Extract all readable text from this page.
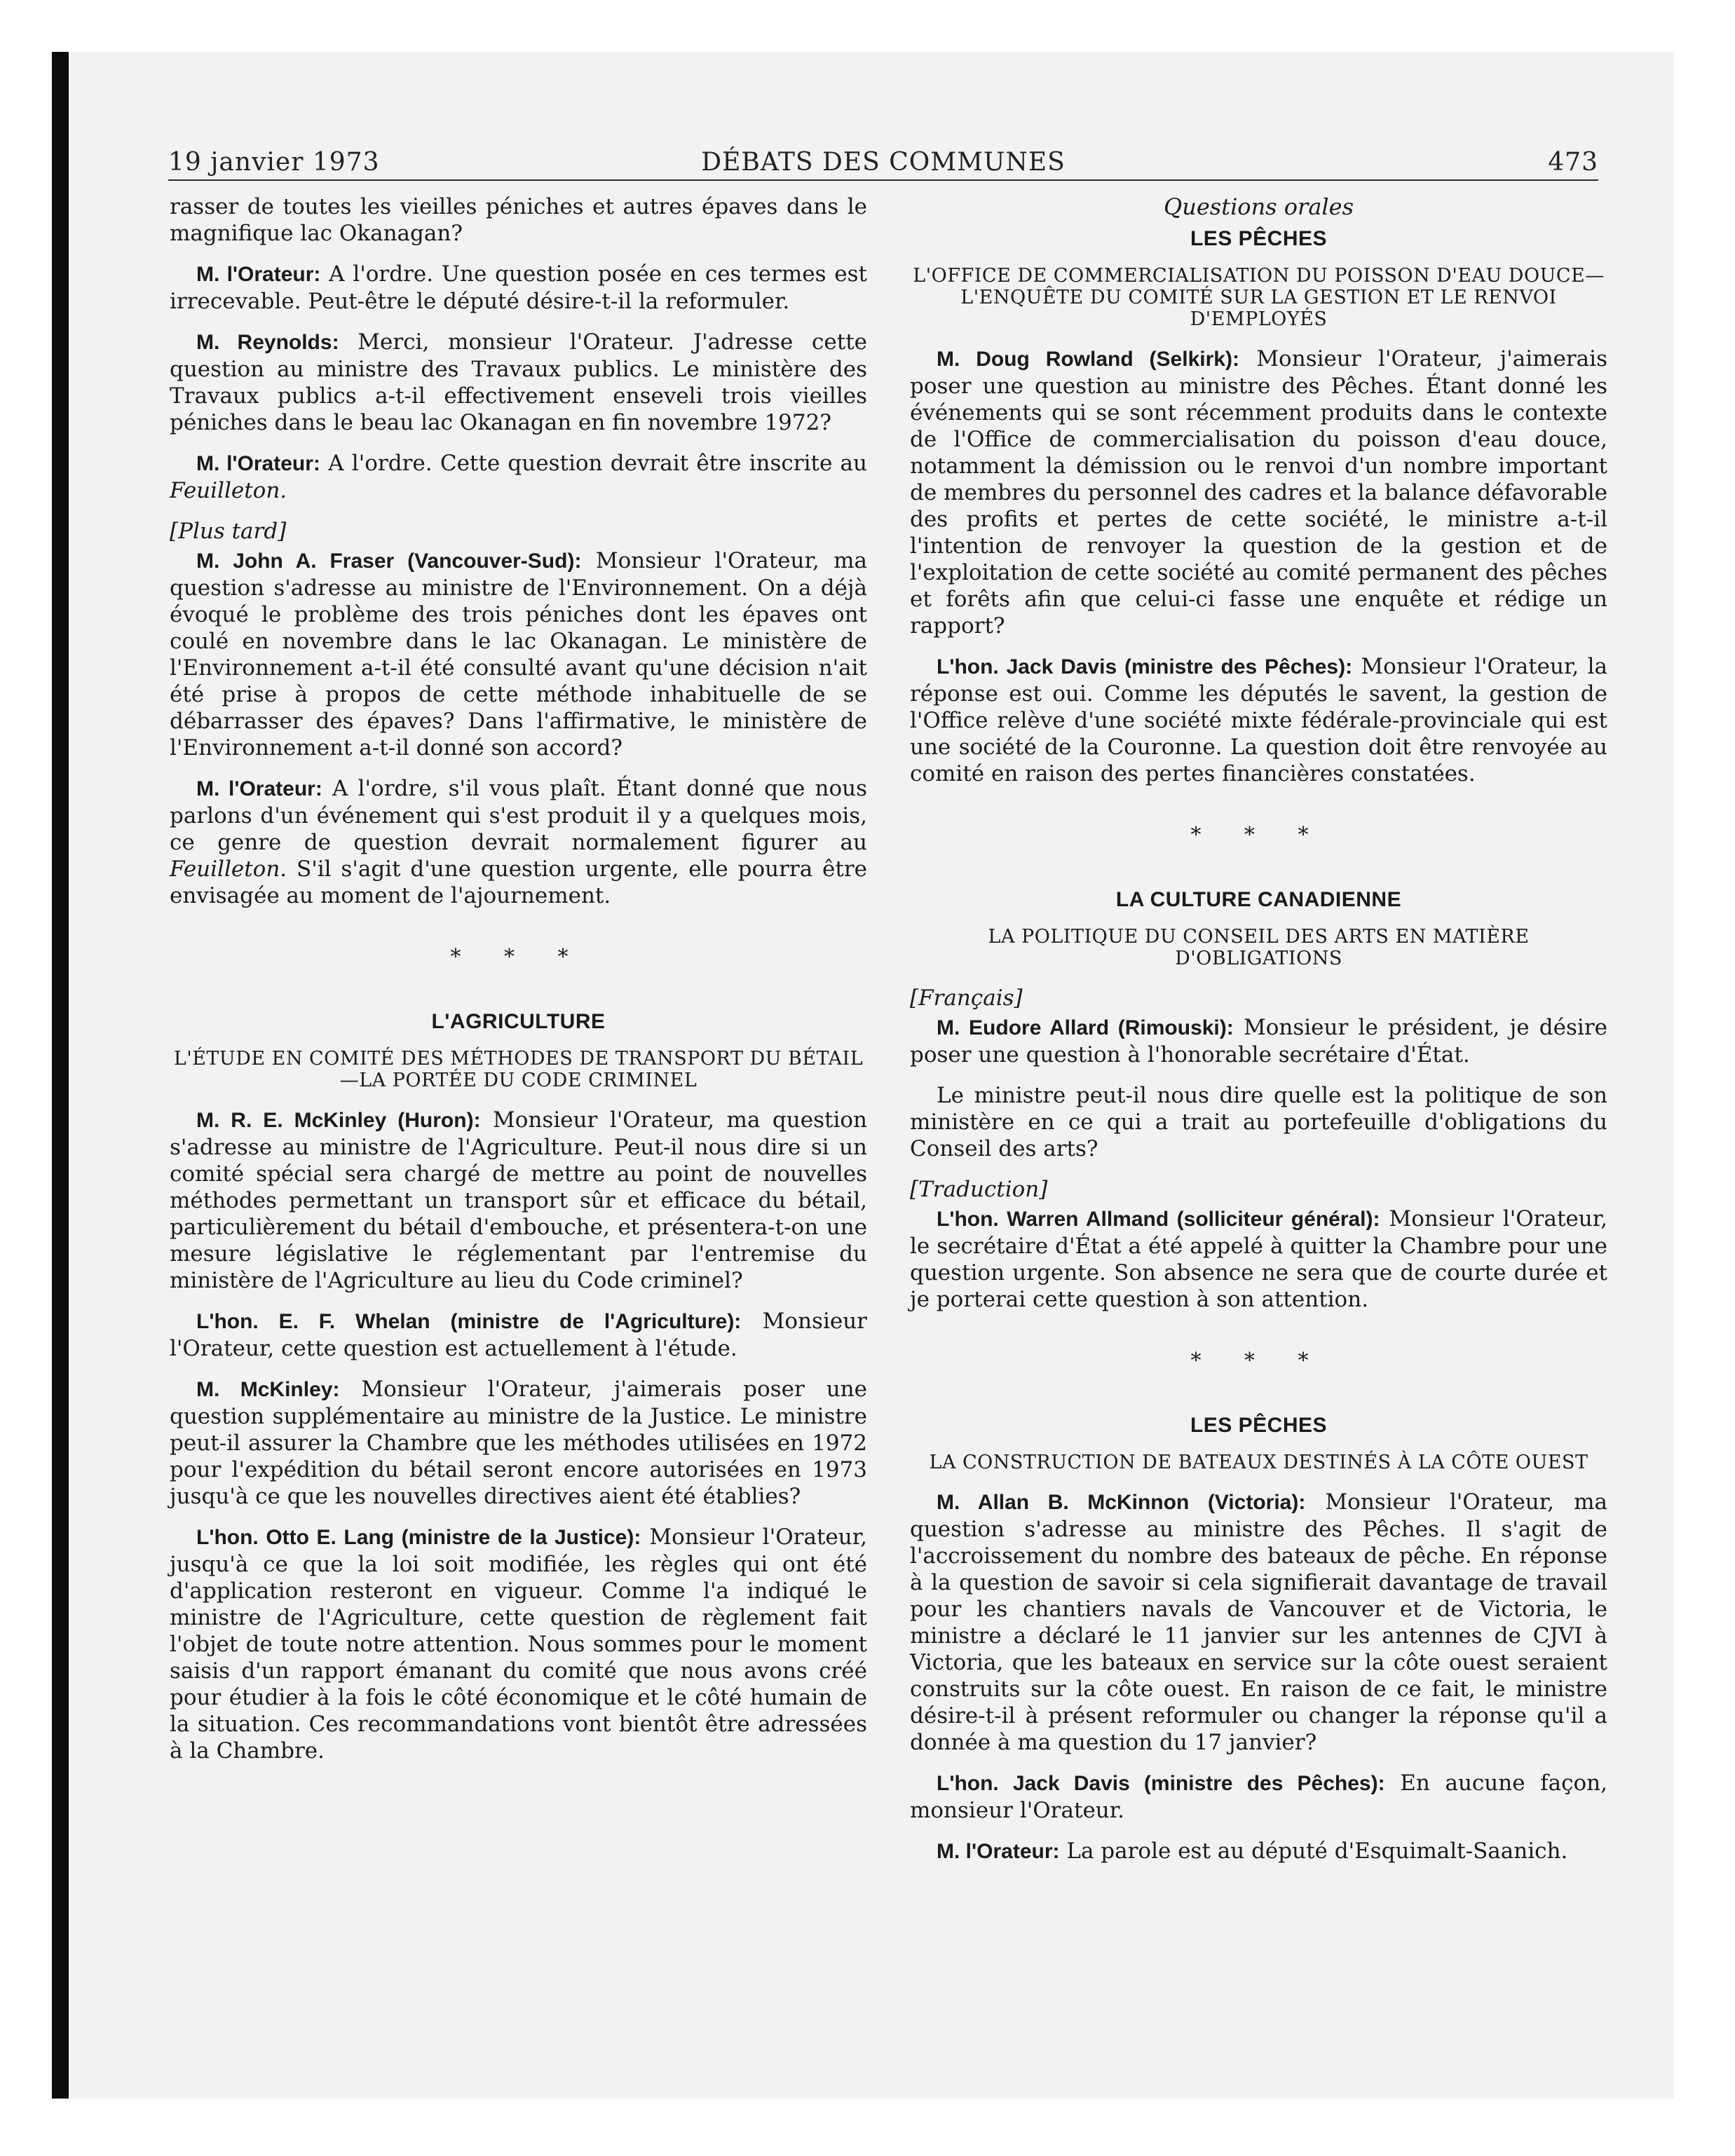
19 janvier 1973	DÉBATS DES COMMUNES	473

rasser de toutes les vieilles péniches et autres épaves dans le magnifique lac Okanagan?

M. l'Orateur: A l'ordre. Une question posée en ces termes est irrecevable. Peut-être le député désire-t-il la reformuler.

M. Reynolds: Merci, monsieur l'Orateur. J'adresse cette question au ministre des Travaux publics. Le ministère des Travaux publics a-t-il effectivement enseveli trois vieilles péniches dans le beau lac Okanagan en fin novembre 1972?

M. l'Orateur: A l'ordre. Cette question devrait être inscrite au Feuilleton.

[Plus tard]

M. John A. Fraser (Vancouver-Sud): Monsieur l'Orateur, ma question s'adresse au ministre de l'Environnement. On a déjà évoqué le problème des trois péniches dont les épaves ont coulé en novembre dans le lac Okanagan. Le ministère de l'Environnement a-t-il été consulté avant qu'une décision n'ait été prise à propos de cette méthode inhabituelle de se débarrasser des épaves? Dans l'affirmative, le ministère de l'Environnement a-t-il donné son accord?

M. l'Orateur: A l'ordre, s'il vous plaît. Étant donné que nous parlons d'un événement qui s'est produit il y a quelques mois, ce genre de question devrait normalement figurer au Feuilleton. S'il s'agit d'une question urgente, elle pourra être envisagée au moment de l'ajournement.

* * *
L'AGRICULTURE
L'ÉTUDE EN COMITÉ DES MÉTHODES DE TRANSPORT DU BÉTAIL—LA PORTÉE DU CODE CRIMINEL

M. R. E. McKinley (Huron): Monsieur l'Orateur, ma question s'adresse au ministre de l'Agriculture. Peut-il nous dire si un comité spécial sera chargé de mettre au point de nouvelles méthodes permettant un transport sûr et efficace du bétail, particulièrement du bétail d'embouche, et présentera-t-on une mesure législative le réglementant par l'entremise du ministère de l'Agriculture au lieu du Code criminel?

L'hon. E. F. Whelan (ministre de l'Agriculture): Monsieur l'Orateur, cette question est actuellement à l'étude.

M. McKinley: Monsieur l'Orateur, j'aimerais poser une question supplémentaire au ministre de la Justice. Le ministre peut-il assurer la Chambre que les méthodes utilisées en 1972 pour l'expédition du bétail seront encore autorisées en 1973 jusqu'à ce que les nouvelles directives aient été établies?

L'hon. Otto E. Lang (ministre de la Justice): Monsieur l'Orateur, jusqu'à ce que la loi soit modifiée, les règles qui ont été d'application resteront en vigueur. Comme l'a indiqué le ministre de l'Agriculture, cette question de règlement fait l'objet de toute notre attention. Nous sommes pour le moment saisis d'un rapport émanant du comité que nous avons créé pour étudier à la fois le côté économique et le côté humain de la situation. Ces recommandations vont bientôt être adressées à la Chambre.

Questions orales

LES PÊCHES
L'OFFICE DE COMMERCIALISATION DU POISSON D'EAU DOUCE—L'ENQUÊTE DU COMITÉ SUR LA GESTION ET LE RENVOI D'EMPLOYÉS

M. Doug Rowland (Selkirk): Monsieur l'Orateur, j'aimerais poser une question au ministre des Pêches. Étant donné les événements qui se sont récemment produits dans le contexte de l'Office de commercialisation du poisson d'eau douce, notamment la démission ou le renvoi d'un nombre important de membres du personnel des cadres et la balance défavorable des profits et pertes de cette société, le ministre a-t-il l'intention de renvoyer la question de la gestion et de l'exploitation de cette société au comité permanent des pêches et forêts afin que celui-ci fasse une enquête et rédige un rapport?

L'hon. Jack Davis (ministre des Pêches): Monsieur l'Orateur, la réponse est oui. Comme les députés le savent, la gestion de l'Office relève d'une société mixte fédérale-provinciale qui est une société de la Couronne. La question doit être renvoyée au comité en raison des pertes financières constatées.

* * *
LA CULTURE CANADIENNE
LA POLITIQUE DU CONSEIL DES ARTS EN MATIÈRE D'OBLIGATIONS

[Français]

M. Eudore Allard (Rimouski): Monsieur le président, je désire poser une question à l'honorable secrétaire d'État.

Le ministre peut-il nous dire quelle est la politique de son ministère en ce qui a trait au portefeuille d'obligations du Conseil des arts?

[Traduction]

L'hon. Warren Allmand (solliciteur général): Monsieur l'Orateur, le secrétaire d'État a été appelé à quitter la Chambre pour une question urgente. Son absence ne sera que de courte durée et je porterai cette question à son attention.

* * *
LES PÊCHES
LA CONSTRUCTION DE BATEAUX DESTINÉS À LA CÔTE OUEST

M. Allan B. McKinnon (Victoria): Monsieur l'Orateur, ma question s'adresse au ministre des Pêches. Il s'agit de l'accroissement du nombre des bateaux de pêche. En réponse à la question de savoir si cela signifierait davantage de travail pour les chantiers navals de Vancouver et de Victoria, le ministre a déclaré le 11 janvier sur les antennes de CJVI à Victoria, que les bateaux en service sur la côte ouest seraient construits sur la côte ouest. En raison de ce fait, le ministre désire-t-il à présent reformuler ou changer la réponse qu'il a donnée à ma question du 17 janvier?

L'hon. Jack Davis (ministre des Pêches): En aucune façon, monsieur l'Orateur.

M. l'Orateur: La parole est au député d'Esquimalt-Saanich.
